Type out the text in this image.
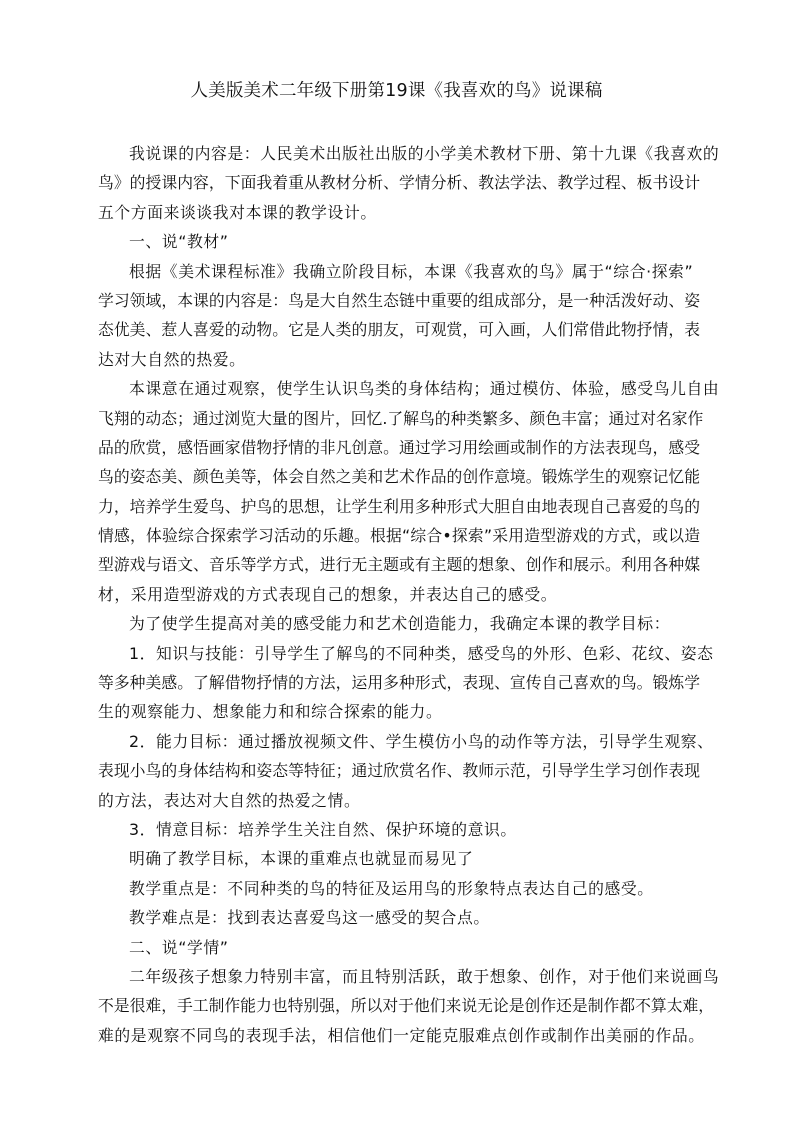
人美版美术二年级下册第19课《我喜欢的鸟》说课稿
我说课的内容是：人民美术出版社出版的小学美术教材下册、第十九课《我喜欢的
鸟》的授课内容，下面我着重从教材分析、学情分析、教法学法、教学过程、板书设计
五个方面来谈谈我对本课的教学设计。
一、说“教材”
根据《美术课程标准》我确立阶段目标，本课《我喜欢的鸟》属于“综合·探索”
学习领域，本课的内容是：鸟是大自然生态链中重要的组成部分，是一种活泼好动、姿
态优美、惹人喜爱的动物。它是人类的朋友，可观赏，可入画，人们常借此物抒情，表
达对大自然的热爱。
本课意在通过观察，使学生认识鸟类的身体结构；通过模仿、体验，感受鸟儿自由
飞翔的动态；通过浏览大量的图片，回忆.了解鸟的种类繁多、颜色丰富；通过对名家作
品的欣赏，感悟画家借物抒情的非凡创意。通过学习用绘画或制作的方法表现鸟，感受
鸟的姿态美、颜色美等，体会自然之美和艺术作品的创作意境。锻炼学生的观察记忆能
力，培养学生爱鸟、护鸟的思想，让学生利用多种形式大胆自由地表现自己喜爱的鸟的
情感，体验综合探索学习活动的乐趣。根据“综合•探索”采用造型游戏的方式，或以造
型游戏与语文、音乐等学方式，进行无主题或有主题的想象、创作和展示。利用各种媒
材，采用造型游戏的方式表现自己的想象，并表达自己的感受。
为了使学生提高对美的感受能力和艺术创造能力，我确定本课的教学目标：
1．知识与技能：引导学生了解鸟的不同种类，感受鸟的外形、色彩、花纹、姿态
等多种美感。了解借物抒情的方法，运用多种形式，表现、宣传自己喜欢的鸟。锻炼学
生的观察能力、想象能力和和综合探索的能力。
2．能力目标：通过播放视频文件、学生模仿小鸟的动作等方法，引导学生观察、
表现小鸟的身体结构和姿态等特征；通过欣赏名作、教师示范，引导学生学习创作表现
的方法，表达对大自然的热爱之情。
3．情意目标：培养学生关注自然、保护环境的意识。
明确了教学目标，本课的重难点也就显而易见了
教学重点是：不同种类的鸟的特征及运用鸟的形象特点表达自己的感受。
教学难点是：找到表达喜爱鸟这一感受的契合点。
二、说“学情”
二年级孩子想象力特别丰富，而且特别活跃，敢于想象、创作，对于他们来说画鸟
不是很难，手工制作能力也特别强，所以对于他们来说无论是创作还是制作都不算太难，
难的是观察不同鸟的表现手法，相信他们一定能克服难点创作或制作出美丽的作品。
